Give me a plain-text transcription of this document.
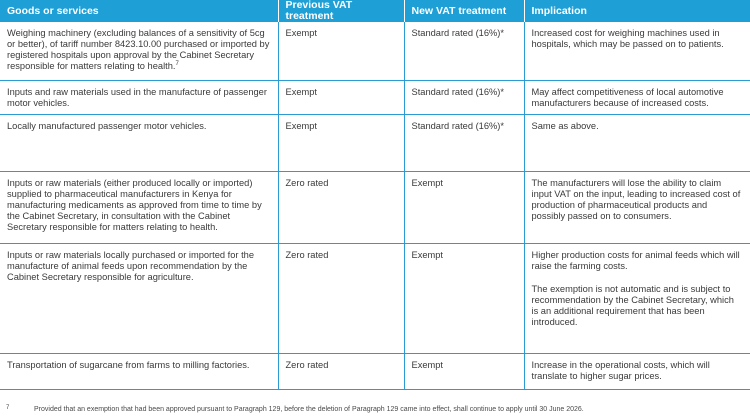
Goods or services	Previous VAT treatment	New VAT treatment	Implication
Weighing machinery (excluding balances of a sensitivity of 5cg or better), of tariff number 8423.10.00 purchased or imported by registered hospitals upon approval by the Cabinet Secretary responsible for matters relating to health.$^7$	Exempt	Standard rated (16%)*	Increased cost for weighing machines used in hospitals, which may be passed on to patients.

Inputs and raw materials used in the manufacture of passenger motor vehicles.	Exempt	Standard rated (16%)*	May affect competitiveness of local automotive manufacturers because of increased costs.

Locally manufactured passenger motor vehicles.	Exempt	Standard rated (16%)*	Same as above.

Inputs or raw materials (either produced locally or imported) supplied to pharmaceutical manufacturers in Kenya for manufacturing medicaments as approved from time to time by the Cabinet Secretary, in consultation with the Cabinet Secretary responsible for matters relating to health.	Zero rated	Exempt	The manufacturers will lose the ability to claim input VAT on the input, leading to increased cost of production of pharmaceutical products and possibly passed on to consumers.

Inputs or raw materials locally purchased or imported for the manufacture of animal feeds upon recommendation by the Cabinet Secretary responsible for agriculture.	Zero rated	Exempt	Higher production costs for animal feeds which will raise the farming costs.
The exemption is not automatic and is subject to recommendation by the Cabinet Secretary, which is an additional requirement that has been introduced.

Transportation of sugarcane from farms to milling factories.	Zero rated	Exempt	Increase in the operational costs, which will translate to higher sugar prices.
7	Provided that an exemption that had been approved pursuant to Paragraph 129, before the deletion of Paragraph 129 came into effect, shall continue to apply until 30 June 2026.
